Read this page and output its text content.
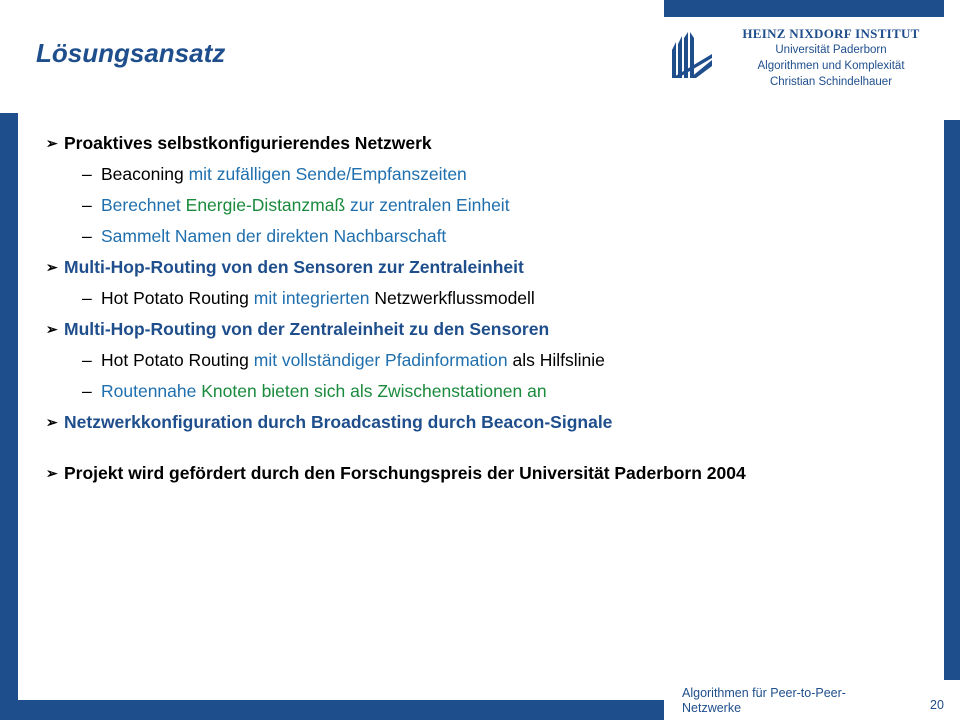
Lösungsansatz
HEINZ NIXDORF INSTITUT
Universität Paderborn
Algorithmen und Komplexität
Christian Schindelhauer
➢ Proaktives selbstkonfigurierendes Netzwerk
– Beaconing mit zufälligen Sende/Empfanszeiten
– Berechnet Energie-Distanzmaß zur zentralen Einheit
– Sammelt Namen der direkten Nachbarschaft
➢ Multi-Hop-Routing von den Sensoren zur Zentraleinheit
– Hot Potato Routing mit integrierten Netzwerkflussmodell
➢ Multi-Hop-Routing von der Zentraleinheit zu den Sensoren
– Hot Potato Routing mit vollständiger Pfadinformation als Hilfslinie
– Routennahe Knoten bieten sich als Zwischenstationen an
➢ Netzwerkkonfiguration durch Broadcasting durch Beacon-Signale
➢ Projekt wird gefördert durch den Forschungspreis der Universität Paderborn 2004
Algorithmen für Peer-to-Peer-Netzwerke	20
